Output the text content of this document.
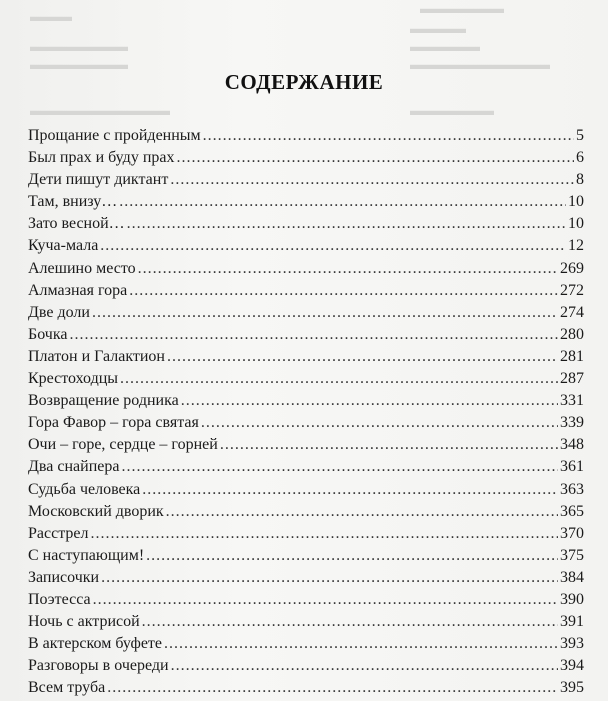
▬▬▬▬▬▬
▬▬▬
▬▬▬▬
▬▬▬▬▬▬▬	▬▬▬▬▬
▬▬▬▬▬▬▬	▬▬▬▬▬▬▬▬▬▬
▬▬▬▬▬▬▬▬▬▬	▬▬▬▬▬▬
СОДЕРЖАНИЕ
Прощание с пройденным .....	5
Был прах и буду прах .....	6
Дети пишут диктант .....	8
Там, внизу… .....	10
Зато весной… .....	10
Куча-мала .....	12
Алешино место .....	269
Алмазная гора .....	272
Две доли .....	274
Бочка .....	280
Платон и Галактион .....	281
Крестоходцы .....	287
Возвращение родника .....	331
Гора Фавор – гора святая .....	339
Очи – горе, сердце – горней .....	348
Два снайпера .....	361
Судьба человека .....	363
Московский дворик .....	365
Расстрел .....	370
С наступающим! .....	375
Записочки .....	384
Поэтесса .....	390
Ночь с актрисой .....	391
В актерском буфете .....	393
Разговоры в очереди .....	394
Всем труба .....	395
